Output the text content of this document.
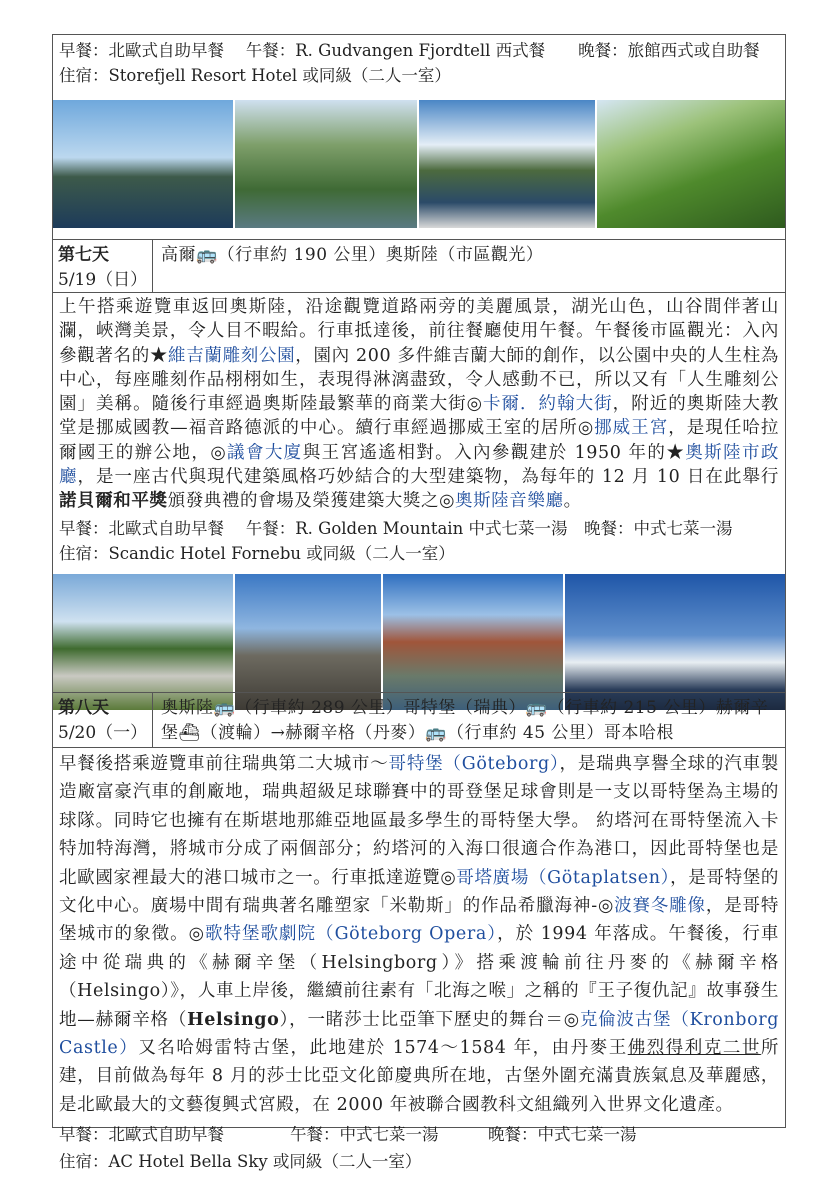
早餐：北歐式自助早餐　 午餐：R. Gudvangen Fjordtell 西式餐　　晚餐：旅館西式或自助餐
住宿：Storefjell Resort Hotel 或同級（二人一室）
第七天
5/19（日）
高爾🚌（行車約 190 公里）奧斯陸（市區觀光）
上午搭乘遊覽車返回奧斯陸，沿途觀覽道路兩旁的美麗風景，湖光山色，山谷間伴著山瀾，峽灣美景，令人目不暇給。行車抵達後，前往餐廳使用午餐。午餐後市區觀光：入內參觀著名的★維吉蘭雕刻公園，園內 200 多件維吉蘭大師的創作，以公園中央的人生柱為中心，每座雕刻作品栩栩如生，表現得淋漓盡致，令人感動不已，所以又有「人生雕刻公園」美稱。隨後行車經過奧斯陸最繁華的商業大街◎卡爾．約翰大街，附近的奧斯陸大教堂是挪威國教—福音路德派的中心。續行車經過挪威王室的居所◎挪威王宮，是現任哈拉爾國王的辦公地，◎議會大廈與王宮遙遙相對。入內參觀建於 1950 年的★奧斯陸市政廳，是一座古代與現代建築風格巧妙結合的大型建築物，為每年的 12 月 10 日在此舉行諾貝爾和平獎頒發典禮的會場及榮獲建築大獎之◎奧斯陸音樂廳。
早餐：北歐式自助早餐　 午餐：R. Golden Mountain 中式七菜一湯　晚餐：中式七菜一湯
住宿：Scandic Hotel Fornebu 或同級（二人一室）
第八天
5/20（一）
奧斯陸🚌（行車約 289 公里）哥特堡（瑞典）🚌（行車約 215 公里）赫爾辛堡⛴（渡輪）→赫爾辛格（丹麥）🚌（行車約 45 公里）哥本哈根
早餐後搭乘遊覽車前往瑞典第二大城市～哥特堡（Göteborg），是瑞典享譽全球的汽車製造廠富豪汽車的創廠地，瑞典超級足球聯賽中的哥登堡足球會則是一支以哥特堡為主場的球隊。同時它也擁有在斯堪地那維亞地區最多學生的哥特堡大學。 約塔河在哥特堡流入卡特加特海灣，將城市分成了兩個部分；約塔河的入海口很適合作為港口，因此哥特堡也是北歐國家裡最大的港口城市之一。行車抵達遊覽◎哥塔廣場（Götaplatsen），是哥特堡的文化中心。廣場中間有瑞典著名雕塑家「米勒斯」的作品希臘海神-◎波賽冬雕像，是哥特堡城市的象徵。◎歌特堡歌劇院（Göteborg Opera），於 1994 年落成。午餐後，行車途中從瑞典的《赫爾辛堡（Helsingborg）》搭乘渡輪前往丹麥的《赫爾辛格（Helsingo）》，人車上岸後，繼續前往素有「北海之喉」之稱的『王子復仇記』故事發生地—赫爾辛格（Helsingo），一睹莎士比亞筆下歷史的舞台＝◎克倫波古堡（Kronborg Castle）又名哈姆雷特古堡，此地建於 1574～1584 年，由丹麥王佛烈得利克二世所建，目前做為每年 8 月的莎士比亞文化節慶典所在地，古堡外圍充滿貴族氣息及華麗感，是北歐最大的文藝復興式宮殿，在 2000 年被聯合國教科文組織列入世界文化遺產。
早餐：北歐式自助早餐　　　　午餐：中式七菜一湯　　　晚餐：中式七菜一湯
住宿：AC Hotel Bella Sky 或同級（二人一室）
